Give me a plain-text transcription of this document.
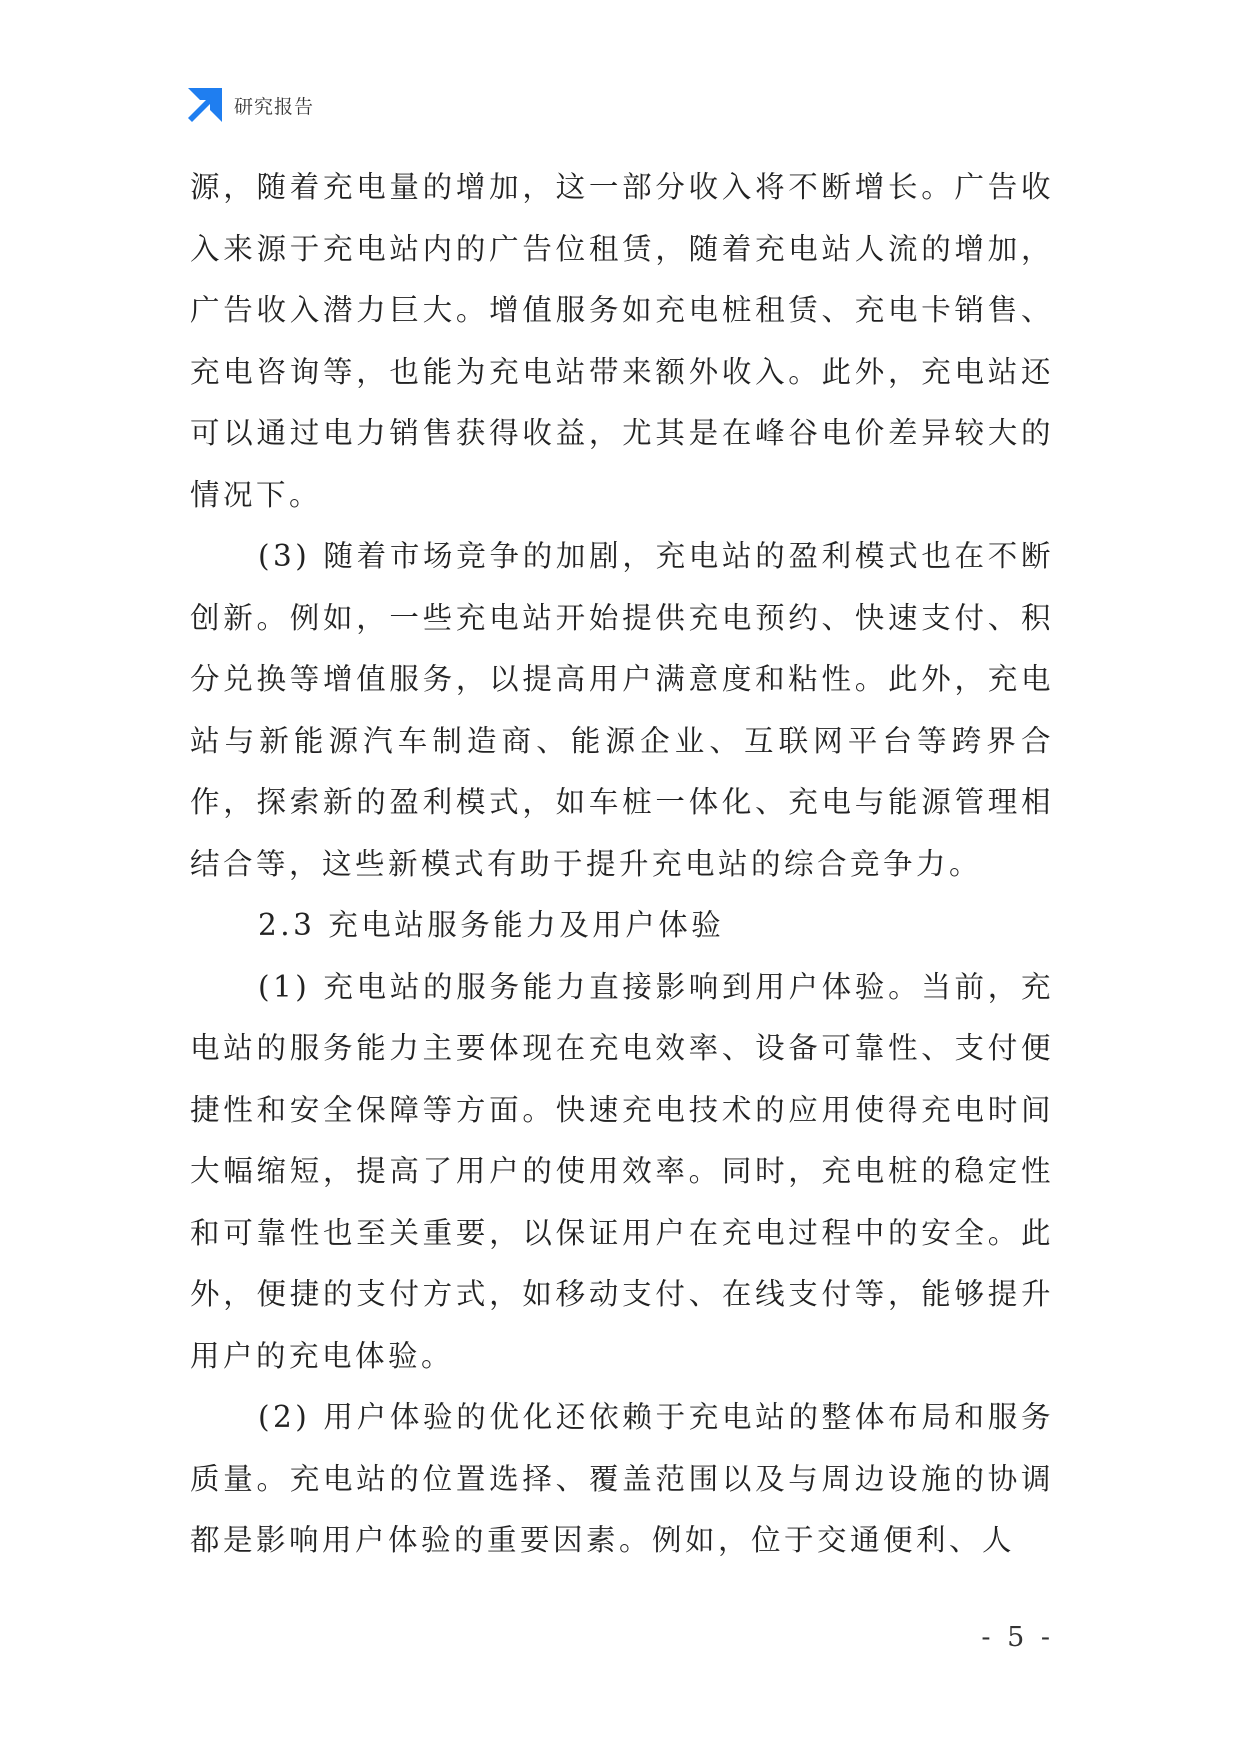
研究报告

源，随着充电量的增加，这一部分收入将不断增长。广告收入来源于充电站内的广告位租赁，随着充电站人流的增加，广告收入潜力巨大。增值服务如充电桩租赁、充电卡销售、充电咨询等，也能为充电站带来额外收入。此外，充电站还可以通过电力销售获得收益，尤其是在峰谷电价差异较大的情况下。

(3) 随着市场竞争的加剧，充电站的盈利模式也在不断创新。例如，一些充电站开始提供充电预约、快速支付、积分兑换等增值服务，以提高用户满意度和粘性。此外，充电站与新能源汽车制造商、能源企业、互联网平台等跨界合作，探索新的盈利模式，如车桩一体化、充电与能源管理相结合等，这些新模式有助于提升充电站的综合竞争力。

2.3 充电站服务能力及用户体验

(1) 充电站的服务能力直接影响到用户体验。当前，充电站的服务能力主要体现在充电效率、设备可靠性、支付便捷性和安全保障等方面。快速充电技术的应用使得充电时间大幅缩短，提高了用户的使用效率。同时，充电桩的稳定性和可靠性也至关重要，以保证用户在充电过程中的安全。此外，便捷的支付方式，如移动支付、在线支付等，能够提升用户的充电体验。

(2) 用户体验的优化还依赖于充电站的整体布局和服务质量。充电站的位置选择、覆盖范围以及与周边设施的协调都是影响用户体验的重要因素。例如，位于交通便利、人

- 5 -
